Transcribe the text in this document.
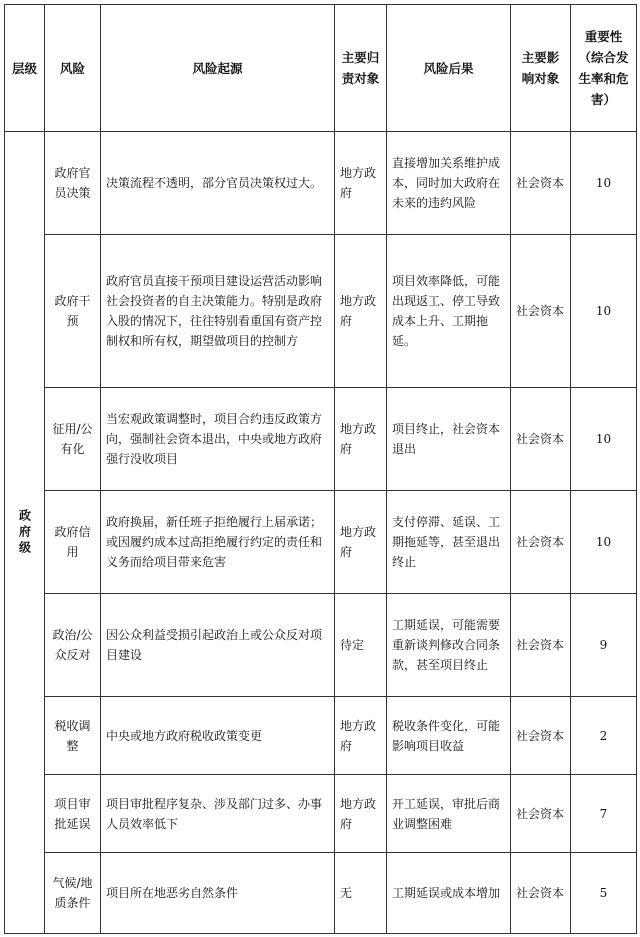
层级	风险	风险起源	主要归责对象	风险后果	主要影响对象	重要性（综合发生率和危害）
政府级	政府官员决策	决策流程不透明，部分官员决策权过大。	地方政府	直接增加关系维护成本，同时加大政府在未来的违约风险	社会资本	10
	政府干预	政府官员直接干预项目建设运营活动影响社会投资者的自主决策能力。特别是政府入股的情况下，往往特别看重国有资产控制权和所有权，期望做项目的控制方	地方政府	项目效率降低，可能出现返工、停工导致成本上升、工期拖延。	社会资本	10
	征用/公有化	当宏观政策调整时，项目合约违反政策方向，强制社会资本退出，中央或地方政府强行没收项目	地方政府	项目终止，社会资本退出	社会资本	10
	政府信用	政府换届，新任班子拒绝履行上届承诺；或因履约成本过高拒绝履行约定的责任和义务而给项目带来危害	地方政府	支付停滞、延误、工期拖延等，甚至退出终止	社会资本	10
	政治/公众反对	因公众利益受损引起政治上或公众反对项目建设	待定	工期延误，可能需要重新谈判修改合同条款，甚至项目终止	社会资本	9
	税收调整	中央或地方政府税收政策变更	地方政府	税收条件变化，可能影响项目收益	社会资本	2
	项目审批延误	项目审批程序复杂、涉及部门过多、办事人员效率低下	地方政府	开工延误，审批后商业调整困难	社会资本	7
	气候/地质条件	项目所在地恶劣自然条件	无	工期延误或成本增加	社会资本	5
